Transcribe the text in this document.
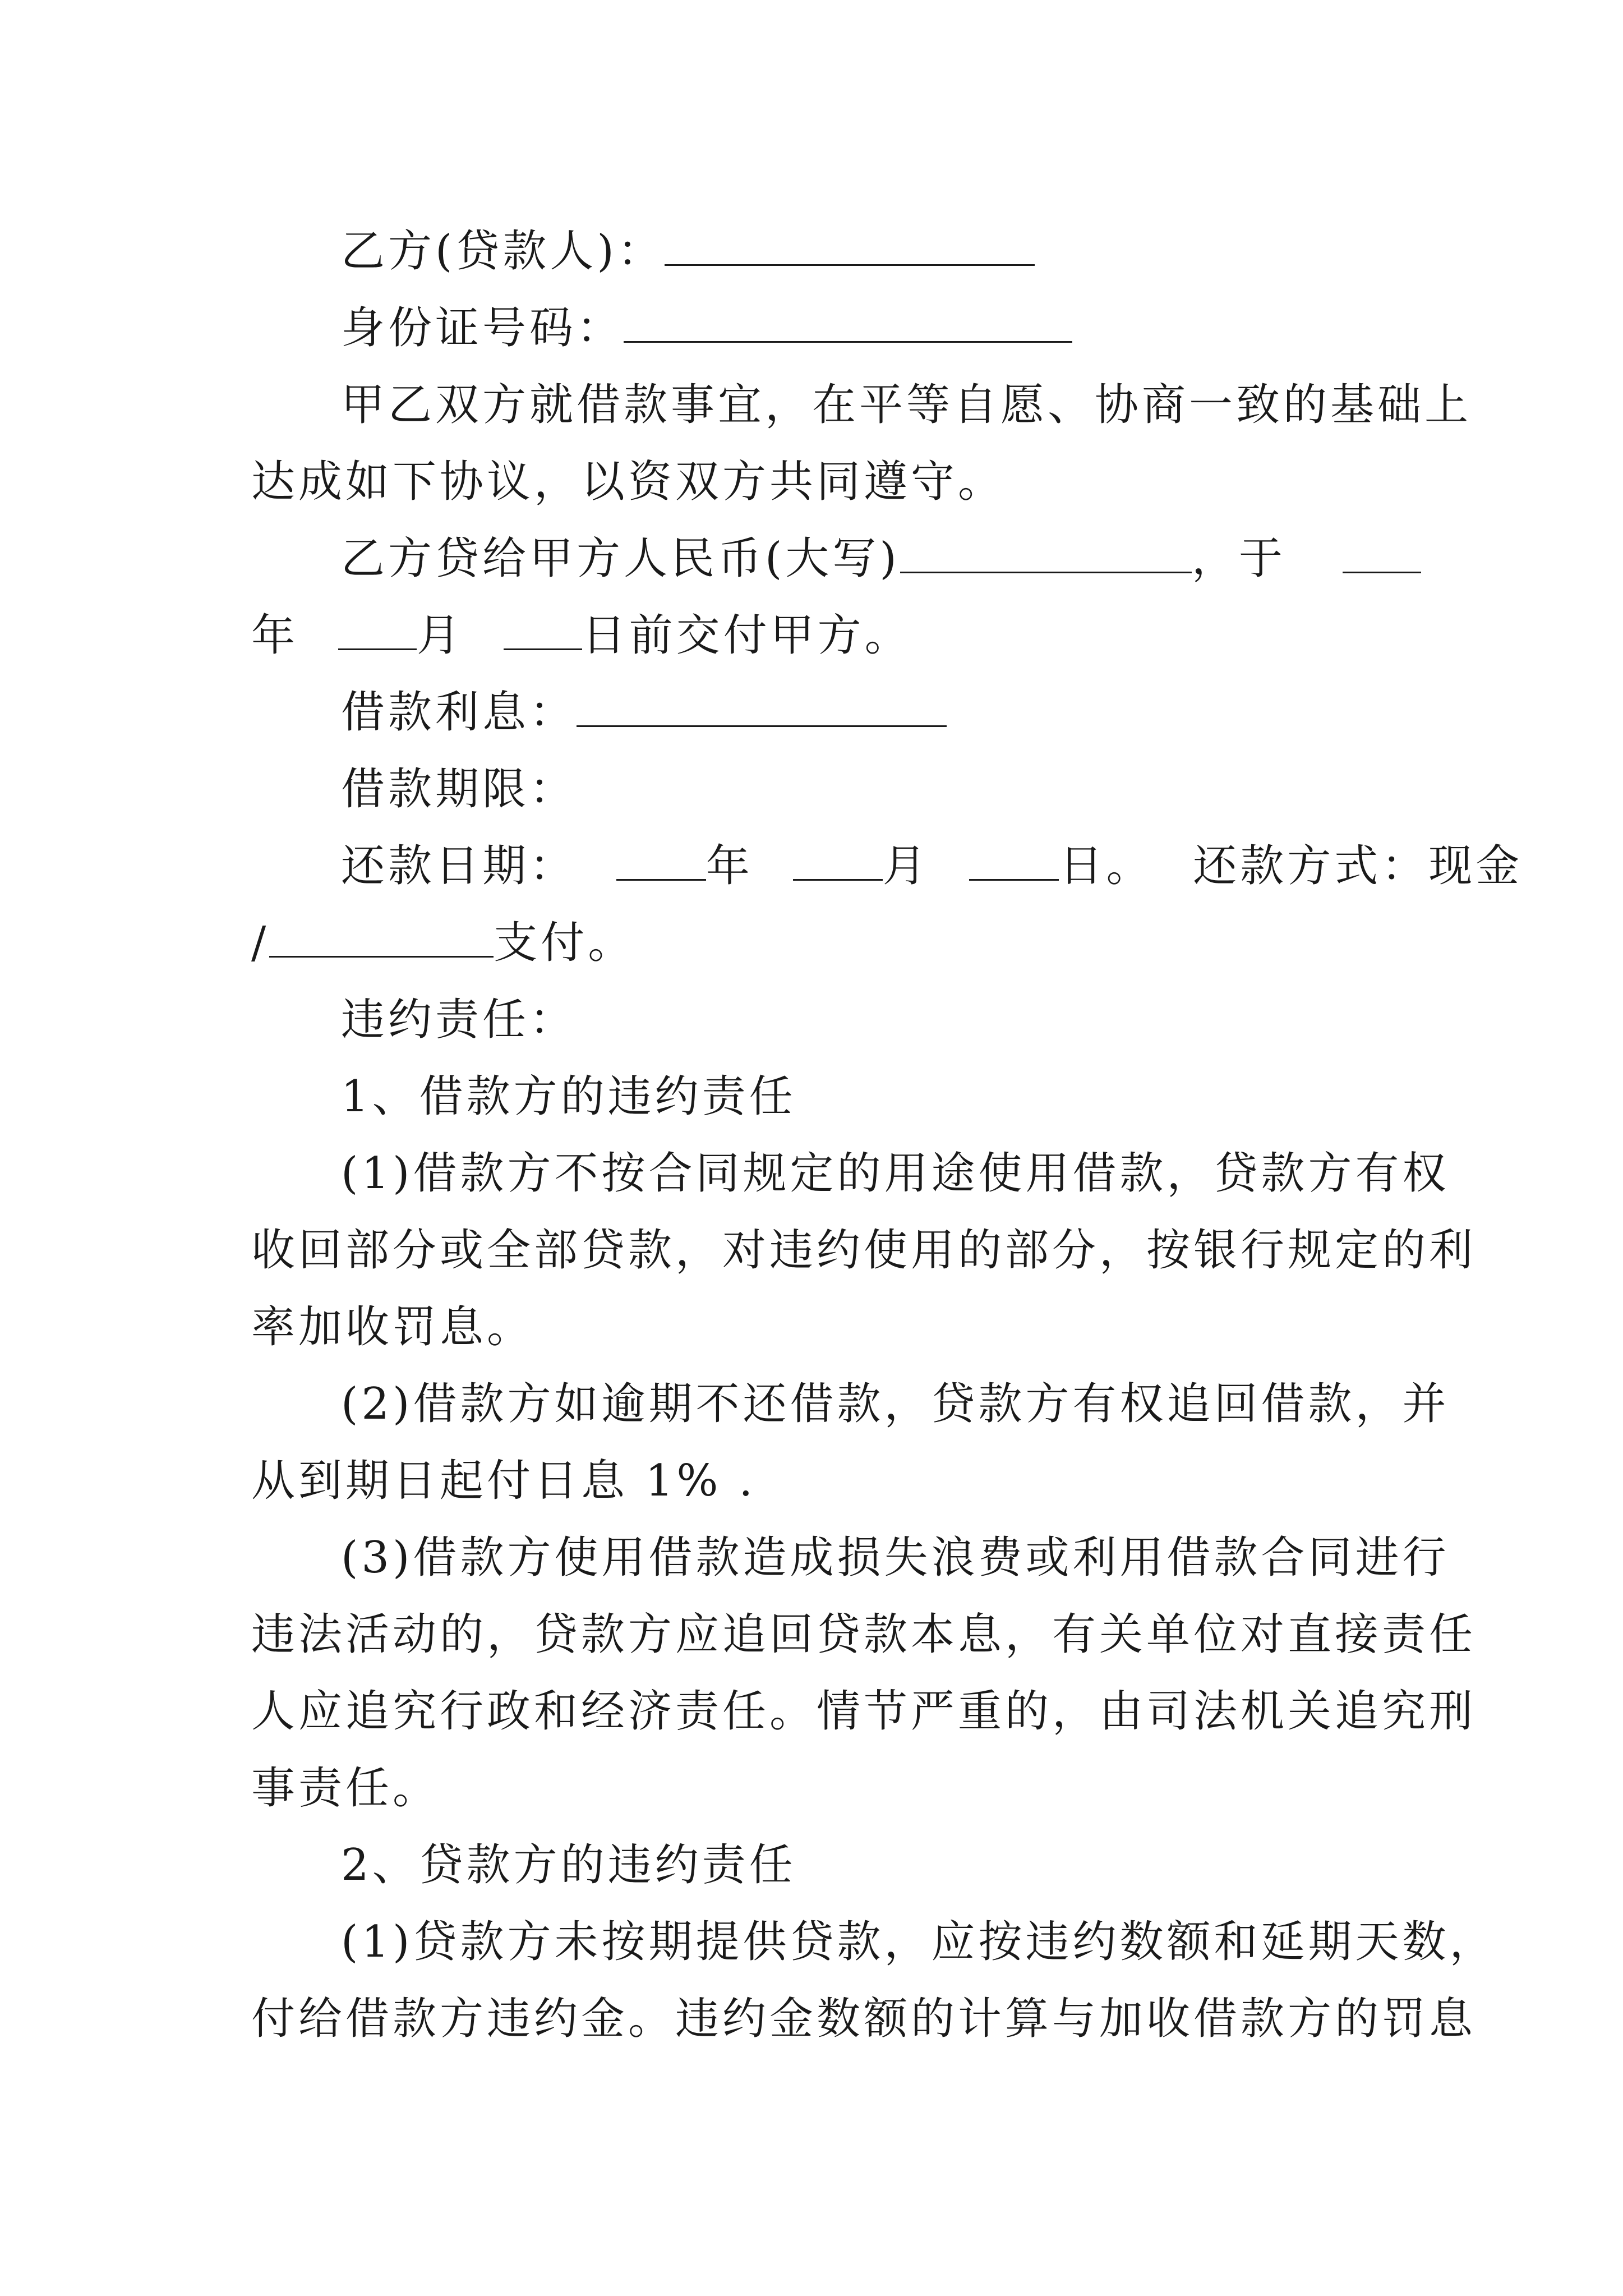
乙方(贷款人)：
身份证号码：
甲乙双方就借款事宜，在平等自愿、协商一致的基础上
达成如下协议，以资双方共同遵守。
乙方贷给甲方人民币(大写)	，于
年	月	日前交付甲方。
借款利息：
借款期限：
还款日期：	年	月	日。 还款方式：现金
/	支付。
违约责任：
1、借款方的违约责任
(1)借款方不按合同规定的用途使用借款，贷款方有权
收回部分或全部贷款，对违约使用的部分，按银行规定的利
率加收罚息。
(2)借款方如逾期不还借款，贷款方有权追回借款，并
从到期日起付日息 1% .
(3)借款方使用借款造成损失浪费或利用借款合同进行
违法活动的，贷款方应追回贷款本息，有关单位对直接责任
人应追究行政和经济责任。情节严重的，由司法机关追究刑
事责任。
2、贷款方的违约责任
(1)贷款方未按期提供贷款，应按违约数额和延期天数，
付给借款方违约金。违约金数额的计算与加收借款方的罚息
